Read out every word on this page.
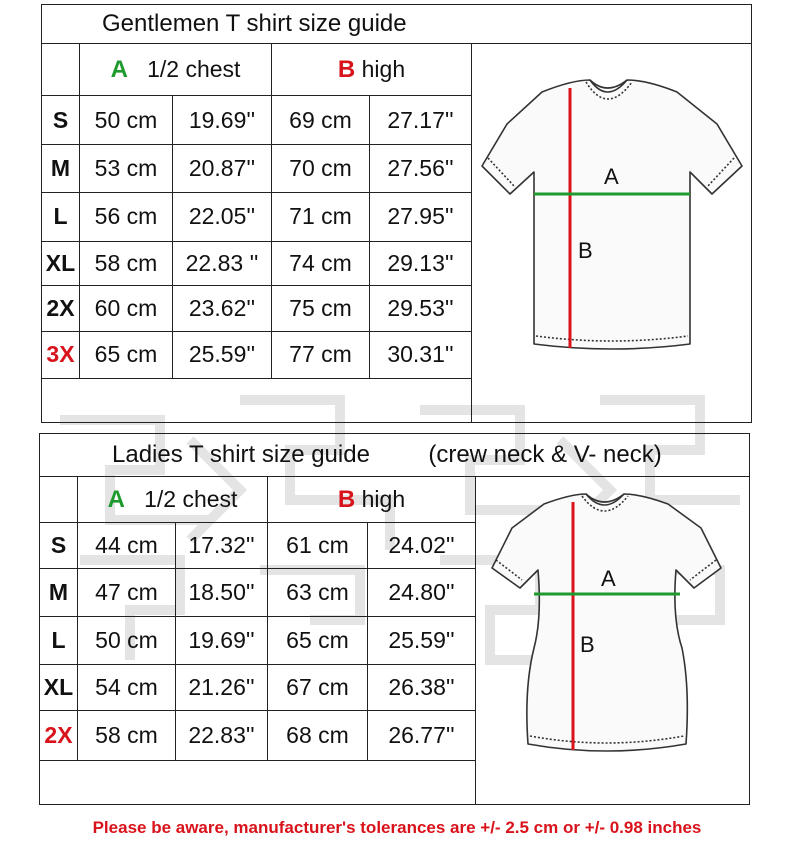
Gentlemen T shirt size guide					
	A 1/2 chest		B high		A
B

S	50 cm	19.69''	69 cm	27.17''	
M	53 cm	20.87''	70 cm	27.56''	
L	56 cm	22.05''	71 cm	27.95''	
XL	58 cm	22.83 ''	74 cm	29.13''	
2X	60 cm	23.62''	75 cm	29.53''	
3X	65 cm	25.59''	77 cm	30.31''	

Ladies T shirt size guide (crew neck & V- neck)					
	A 1/2 chest		B high		A
B

S	44 cm	17.32''	61 cm	24.02''	
M	47 cm	18.50''	63 cm	24.80''	
L	50 cm	19.69''	65 cm	25.59''	
XL	54 cm	21.26''	67 cm	26.38''	
2X	58 cm	22.83''	68 cm	26.77''	

Please be aware, manufacturer's tolerances are +/- 2.5 cm or +/- 0.98 inches
